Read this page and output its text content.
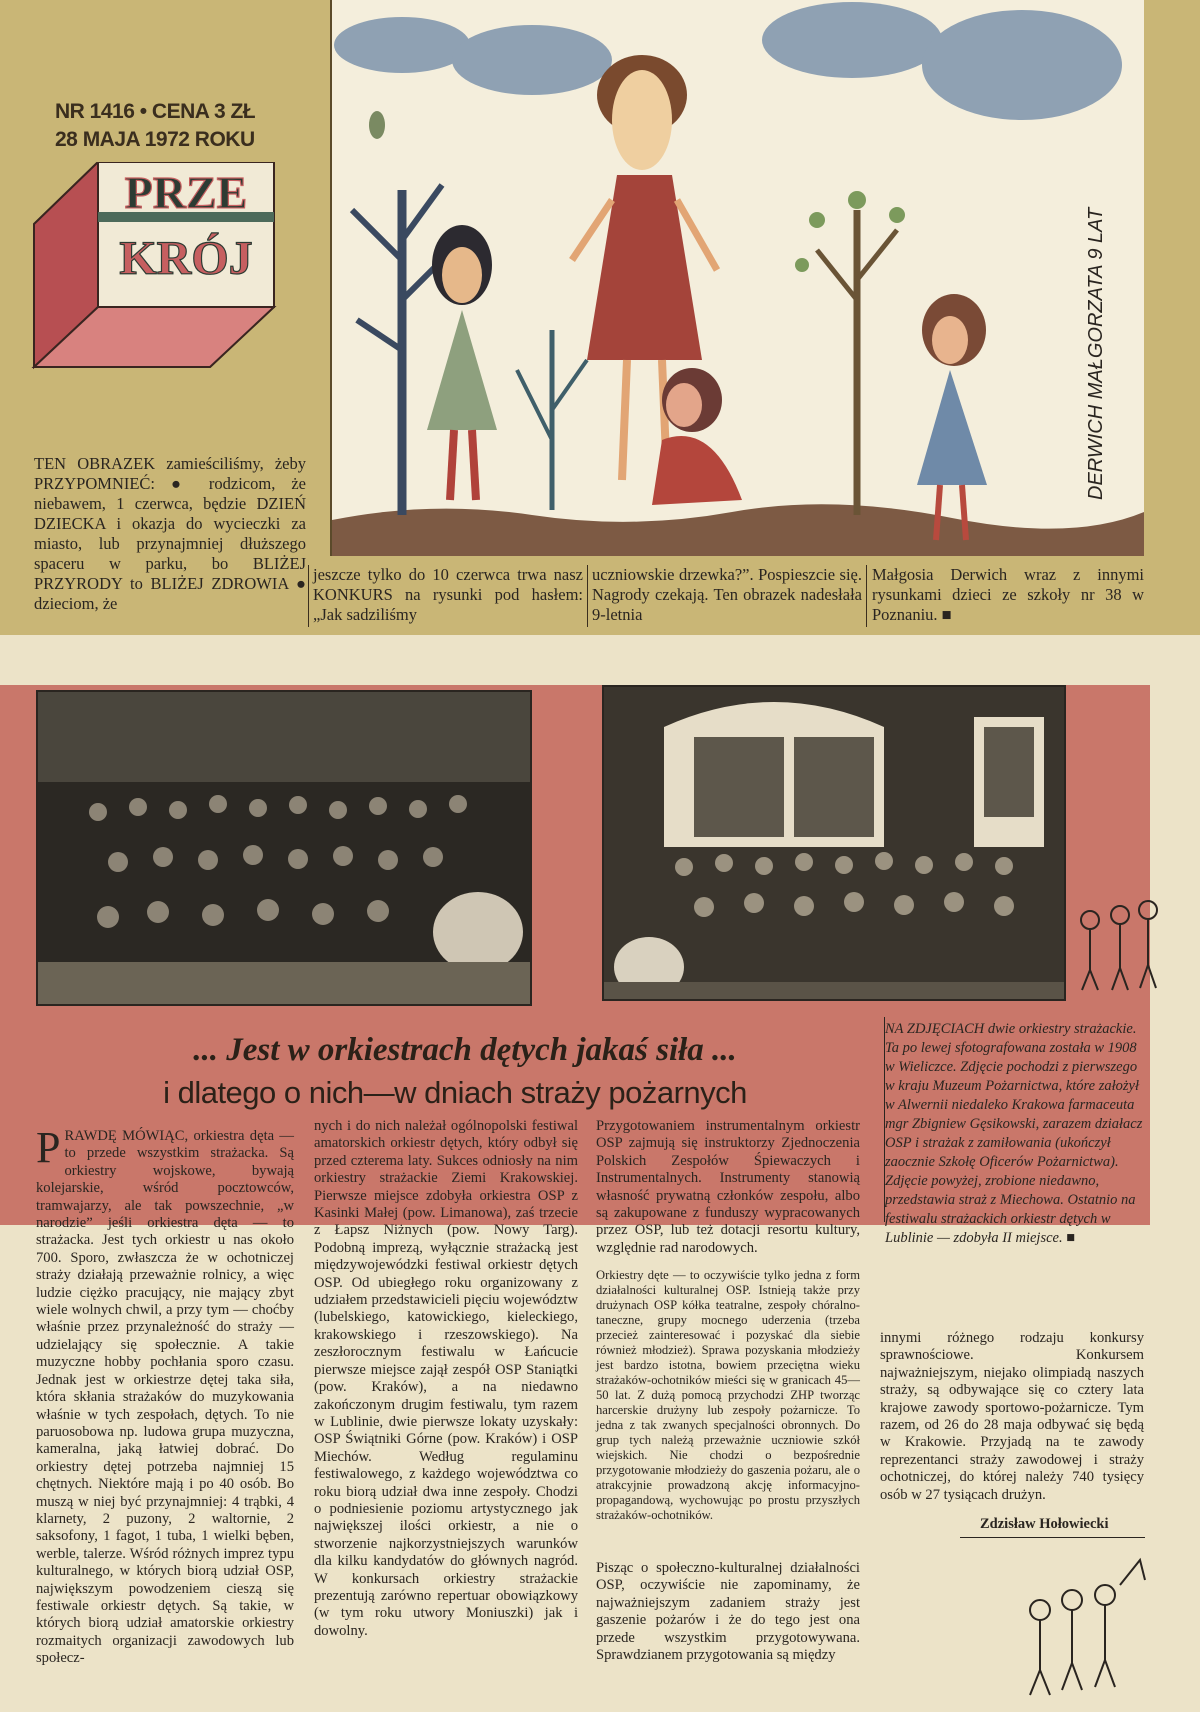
NR 1416 • CENA 3 ZŁ
28 MAJA 1972 ROKU
PRZE
KRÓJ	DERWICH MAŁGORZATA 9 LAT
TEN OBRAZEK zamieściliśmy, żeby PRZYPOMNIEĆ: ● rodzicom, że niebawem, 1 czerwca, będzie DZIEŃ DZIECKA i okazja do wycieczki za miasto, lub przynajmniej dłuższego spaceru w parku, bo BLIŻEJ PRZYRODY to BLIŻEJ ZDROWIA ● dzieciom, że
jeszcze tylko do 10 czerwca trwa nasz KONKURS na rysunki pod hasłem: „Jak sadziliśmy
uczniowskie drzewka?”. Pospieszcie się. Nagrody czekają. Ten obrazek nadesłała 9-letnia
Małgosia Derwich wraz z innymi rysunkami dzieci ze szkoły nr 38 w Poznaniu. ■
... Jest w orkiestrach dętych jakaś siła ...
i dlatego o nich—w dniach straży pożarnych
NA ZDJĘCIACH dwie orkiestry strażackie. Ta po lewej sfotografowana została w 1908 w Wieliczce. Zdjęcie pochodzi z pierwszego w kraju Muzeum Pożarnictwa, które założył w Alwernii niedaleko Krakowa farmaceuta mgr Zbigniew Gęsikowski, zarazem działacz OSP i strażak z zamiłowania (ukończył zaocznie Szkołę Oficerów Pożarnictwa). Zdjęcie powyżej, zrobione niedawno, przedstawia straż z Miechowa. Ostatnio na festiwalu strażackich orkiestr dętych w Lublinie — zdobyła II miejsce. ■
PRAWDĘ MÓWIĄC, orkiestra dęta — to przede wszystkim strażacka. Są orkiestry wojskowe, bywają kolejarskie, wśród pocztowców, tramwajarzy, ale tak powszechnie, „w narodzie” jeśli orkiestra dęta — to strażacka. Jest tych orkiestr u nas około 700. Sporo, zwłaszcza że w ochotniczej straży działają przeważnie rolnicy, a więc ludzie ciężko pracujący, nie mający zbyt wiele wolnych chwil, a przy tym — choćby właśnie przez przynależność do straży — udzielający się społecznie. A takie muzyczne hobby pochłania sporo czasu. Jednak jest w orkiestrze dętej taka siła, która skłania strażaków do muzykowania właśnie w tych zespołach, dętych. To nie paruosobowa np. ludowa grupa muzyczna, kameralna, jaką łatwiej dobrać. Do orkiestry dętej potrzeba najmniej 15 chętnych. Niektóre mają i po 40 osób. Bo muszą w niej być przynajmniej: 4 trąbki, 4 klarnety, 2 puzony, 2 waltornie, 2 saksofony, 1 fagot, 1 tuba, 1 wielki bęben, werble, talerze. Wśród różnych imprez typu kulturalnego, w których biorą udział OSP, największym powodzeniem cieszą się festiwale orkiestr dętych. Są takie, w których biorą udział amatorskie orkiestry rozmaitych organizacji zawodowych lub społecz-
nych i do nich należał ogólnopolski festiwal amatorskich orkiestr dętych, który odbył się przed czterema laty. Sukces odniosły na nim orkiestry strażackie Ziemi Krakowskiej. Pierwsze miejsce zdobyła orkiestra OSP z Kasinki Małej (pow. Limanowa), zaś trzecie z Łapsz Niżnych (pow. Nowy Targ). Podobną imprezą, wyłącznie strażacką jest międzywojewódzki festiwal orkiestr dętych OSP. Od ubiegłego roku organizowany z udziałem przedstawicieli pięciu województw (lubelskiego, katowickiego, kieleckiego, krakowskiego i rzeszowskiego). Na zeszłorocznym festiwalu w Łańcucie pierwsze miejsce zajął zespół OSP Staniątki (pow. Kraków), a na niedawno zakończonym drugim festiwalu, tym razem w Lublinie, dwie pierwsze lokaty uzyskały: OSP Świątniki Górne (pow. Kraków) i OSP Miechów. Według regulaminu festiwalowego, z każdego województwa co roku biorą udział dwa inne zespoły. Chodzi o podniesienie poziomu artystycznego jak największej ilości orkiestr, a nie o stworzenie najkorzystniejszych warunków dla kilku kandydatów do głównych nagród. W konkursach orkiestry strażackie prezentują zarówno repertuar obowiązkowy (w tym roku utwory Moniuszki) jak i dowolny.
Przygotowaniem instrumentalnym orkiestr OSP zajmują się instruktorzy Zjednoczenia Polskich Zespołów Śpiewaczych i Instrumentalnych. Instrumenty stanowią własność prywatną członków zespołu, albo są zakupowane z funduszy wypracowanych przez OSP, lub też dotacji resortu kultury, względnie rad narodowych.
Orkiestry dęte — to oczywiście tylko jedna z form działalności kulturalnej OSP. Istnieją także przy drużynach OSP kółka teatralne, zespoły chóralno-taneczne, grupy mocnego uderzenia (trzeba przecież zainteresować i pozyskać dla siebie również młodzież). Sprawa pozyskania młodzieży jest bardzo istotna, bowiem przeciętna wieku strażaków-ochotników mieści się w granicach 45—50 lat. Z dużą pomocą przychodzi ZHP tworząc harcerskie drużyny lub zespoły pożarnicze. To jedna z tak zwanych specjalności obronnych. Do grup tych należą przeważnie uczniowie szkół wiejskich. Nie chodzi o bezpośrednie przygotowanie młodzieży do gaszenia pożaru, ale o atrakcyjnie prowadzoną akcję informacyjno-propagandową, wychowując po prostu przyszłych strażaków-ochotników.
Pisząc o społeczno-kulturalnej działalności OSP, oczywiście nie zapominamy, że najważniejszym zadaniem straży jest gaszenie pożarów i że do tego jest ona przede wszystkim przygotowywana. Sprawdzianem przygotowania są między
innymi różnego rodzaju konkursy sprawnościowe. Konkursem najważniejszym, niejako olimpiadą naszych straży, są odbywające się co cztery lata krajowe zawody sportowo-pożarnicze. Tym razem, od 26 do 28 maja odbywać się będą w Krakowie. Przyjadą na te zawody reprezentanci straży zawodowej i straży ochotniczej, do której należy 740 tysięcy osób w 27 tysiącach drużyn.
Zdzisław Hołowiecki
